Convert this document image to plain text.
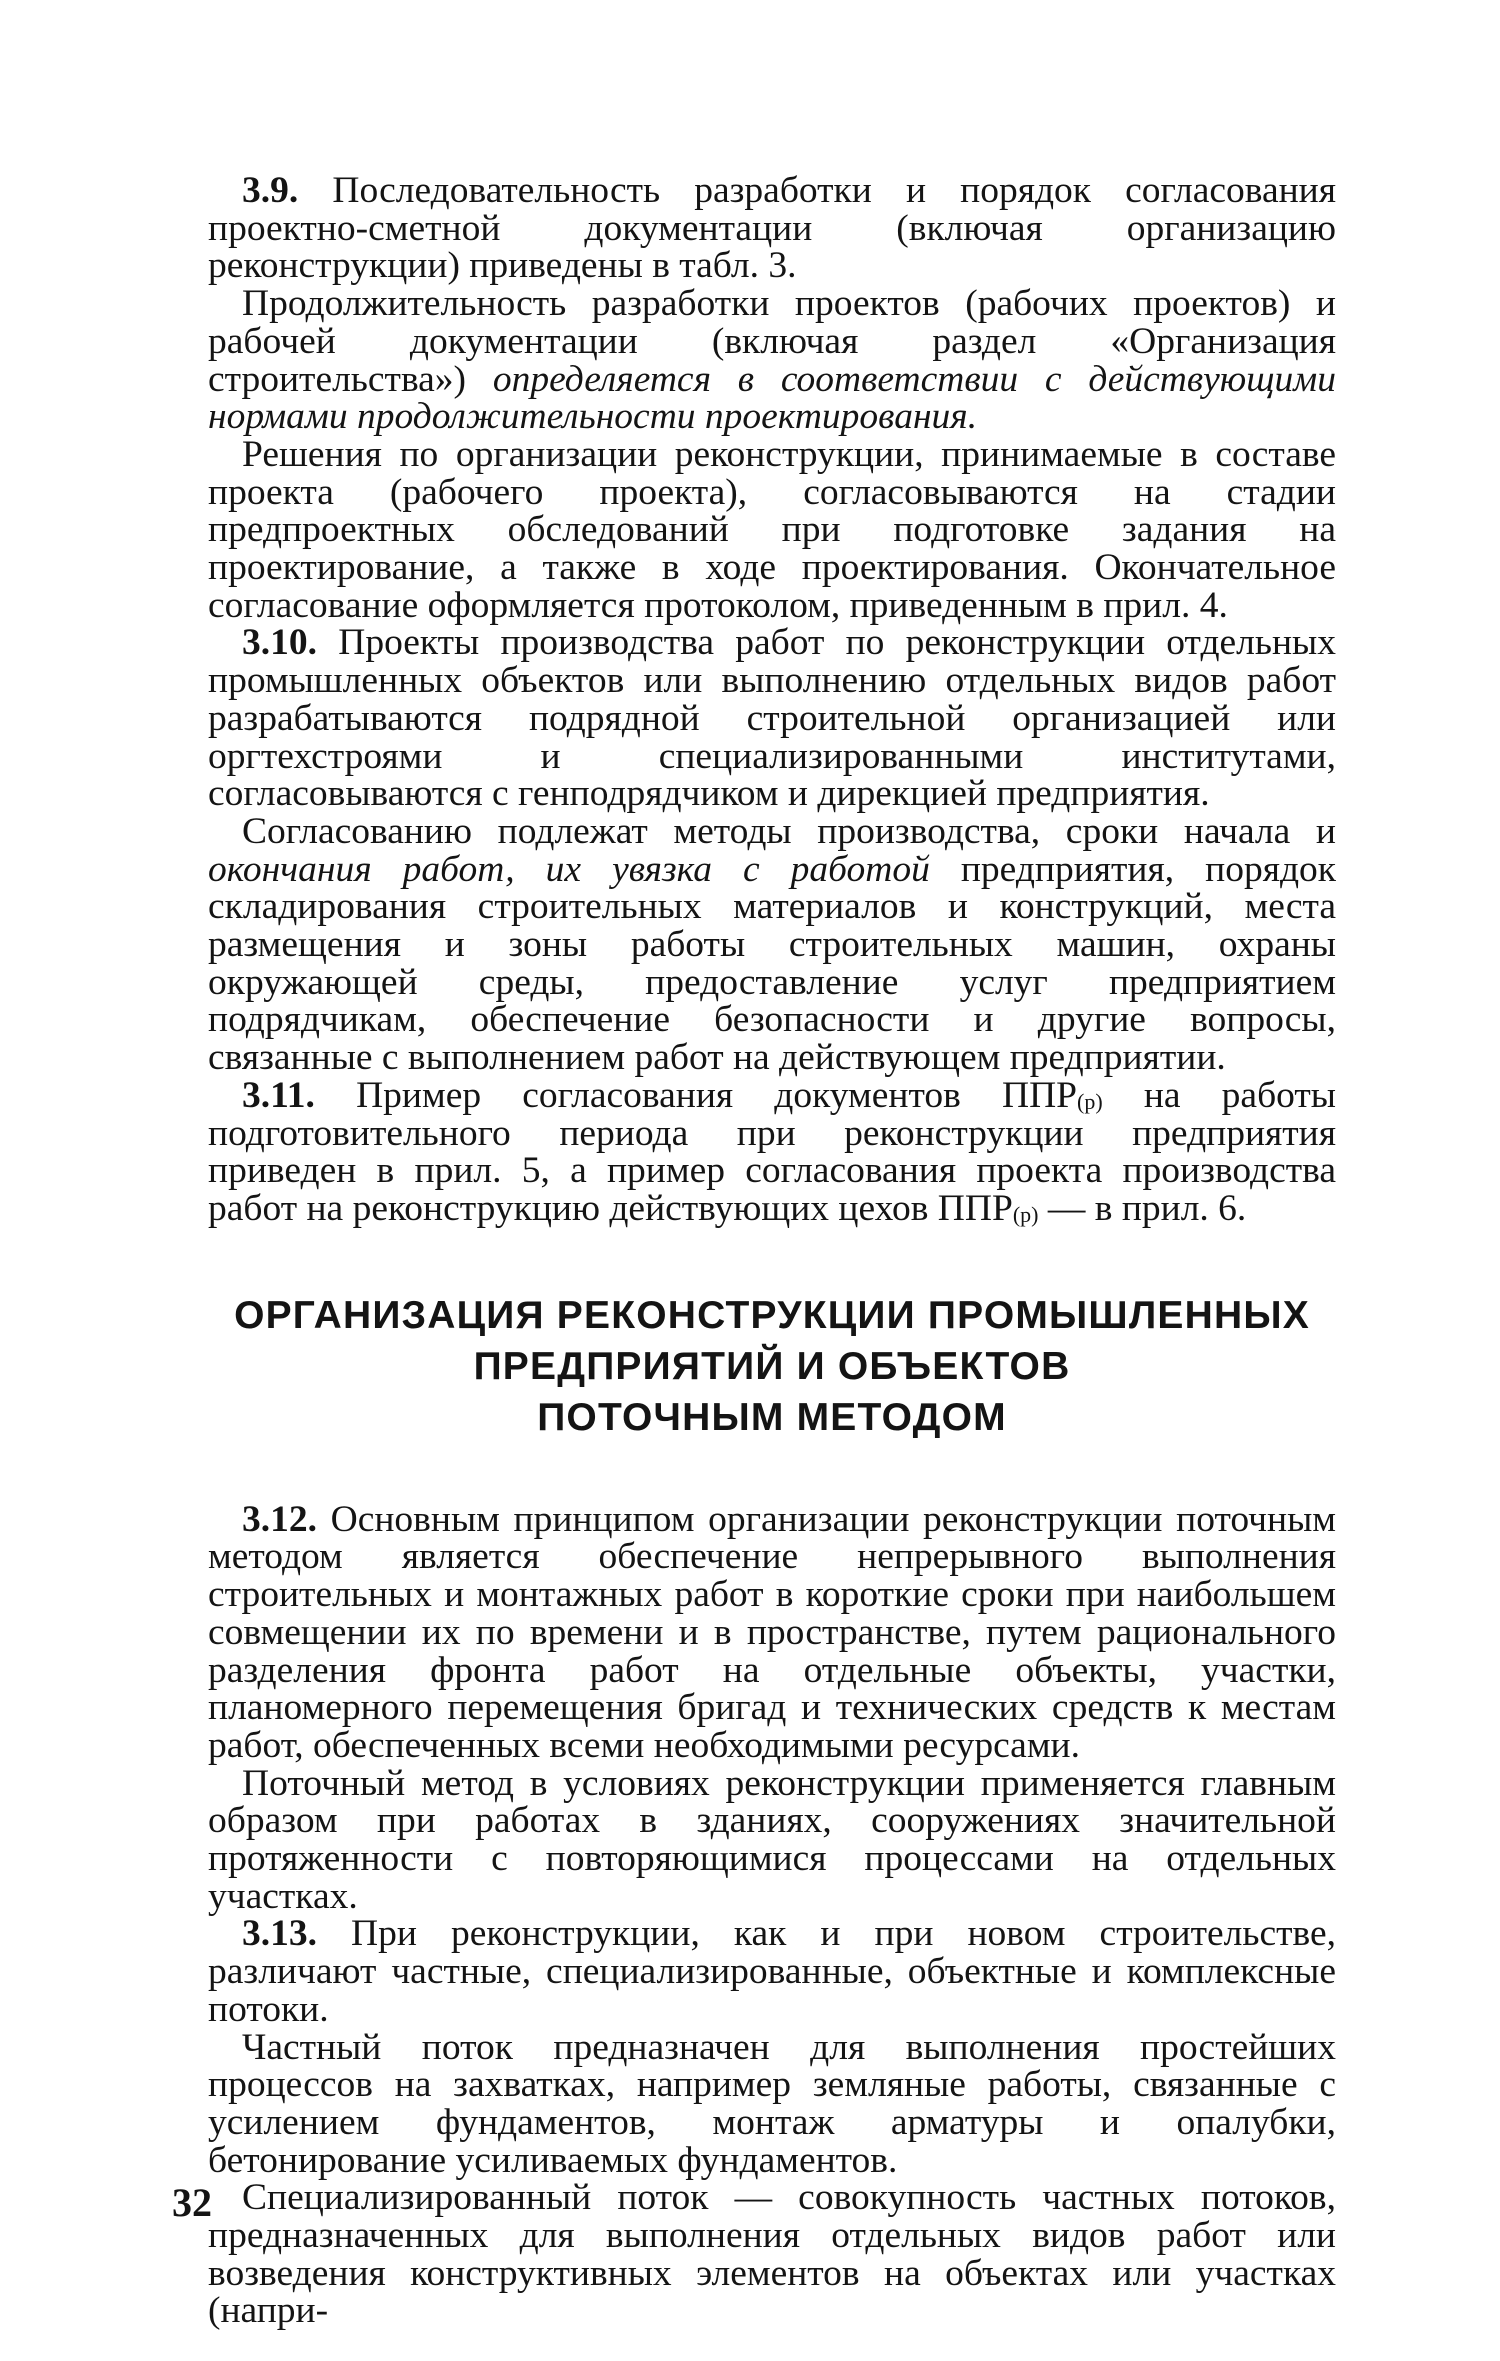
3.9. Последовательность разработки и порядок согласования проектно-сметной документации (включая организацию реконструкции) приведены в табл. 3.

Продолжительность разработки проектов (рабочих проектов) и рабочей документации (включая раздел «Организация строительства») определяется в соответствии с действующими нормами продолжительности проектирования.

Решения по организации реконструкции, принимаемые в составе проекта (рабочего проекта), согласовываются на стадии предпроектных обследований при подготовке задания на проектирование, а также в ходе проектирования. Окончательное согласование оформляется протоколом, приведенным в прил. 4.

3.10. Проекты производства работ по реконструкции отдельных промышленных объектов или выполнению отдельных видов работ разрабатываются подрядной строительной организацией или оргтехстроями и специализированными институтами, согласовываются с генподрядчиком и дирекцией предприятия.

Согласованию подлежат методы производства, сроки начала и окончания работ, их увязка с работой предприятия, порядок складирования строительных материалов и конструкций, места размещения и зоны работы строительных машин, охраны окружающей среды, предоставление услуг предприятием подрядчикам, обеспечение безопасности и другие вопросы, связанные с выполнением работ на действующем предприятии.

3.11. Пример согласования документов $ППР_{(р)}$ на работы подготовительного периода при реконструкции предприятия приведен в прил. 5, а пример согласования проекта производства работ на реконструкцию действующих цехов $ППР_{(р)}$ — в прил. 6.

ОРГАНИЗАЦИЯ РЕКОНСТРУКЦИИ ПРОМЫШЛЕННЫХ
ПРЕДПРИЯТИЙ И ОБЪЕКТОВ
ПОТОЧНЫМ МЕТОДОМ

3.12. Основным принципом организации реконструкции поточным методом является обеспечение непрерывного выполнения строительных и монтажных работ в короткие сроки при наибольшем совмещении их по времени и в пространстве, путем рационального разделения фронта работ на отдельные объекты, участки, планомерного перемещения бригад и технических средств к местам работ, обеспеченных всеми необходимыми ресурсами.

Поточный метод в условиях реконструкции применяется главным образом при работах в зданиях, сооружениях значительной протяженности с повторяющимися процессами на отдельных участках.

3.13. При реконструкции, как и при новом строительстве, различают частные, специализированные, объектные и комплексные потоки.

Частный поток предназначен для выполнения простейших процессов на захватках, например земляные работы, связанные с усилением фундаментов, монтаж арматуры и опалубки, бетонирование усиливаемых фундаментов.

Специализированный поток — совокупность частных потоков, предназначенных для выполнения отдельных видов работ или возведения конструктивных элементов на объектах или участках (напри-

32
